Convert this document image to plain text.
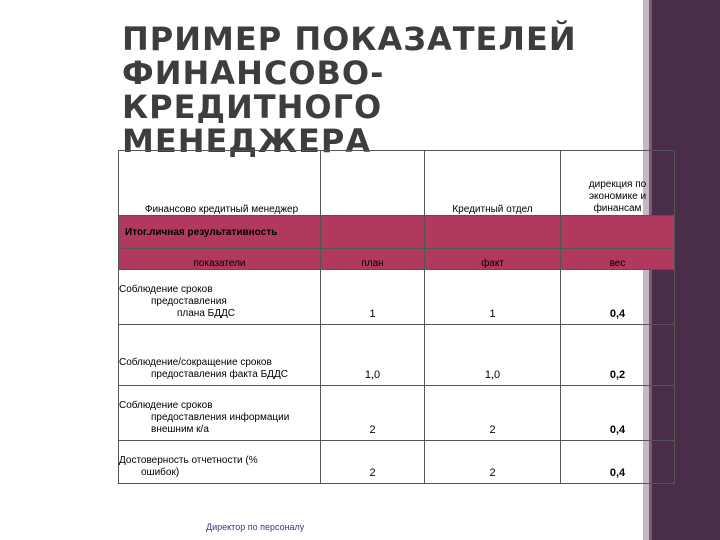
ПРИМЕР ПОКАЗАТЕЛЕЙ
ФИНАНСОВО-КРЕДИТНОГО
МЕНЕДЖЕРА
Финансово кредитный менеджер		Кредитный отдел	дирекция по
экономике и
финансам

Итог.личная результативность			
показатели	план	факт	вес

Соблюдение сроков
предоставления
плана БДДС	1	1	0,4

Соблюдение/сокращение сроков
предоставления факта БДДС	1,0	1,0	0,2

Соблюдение сроков
предоставления информации
внешним к/а	2	2	0,4

Достоверность отчетности (%
ошибок)	2	2	0,4
Директор по персоналу
